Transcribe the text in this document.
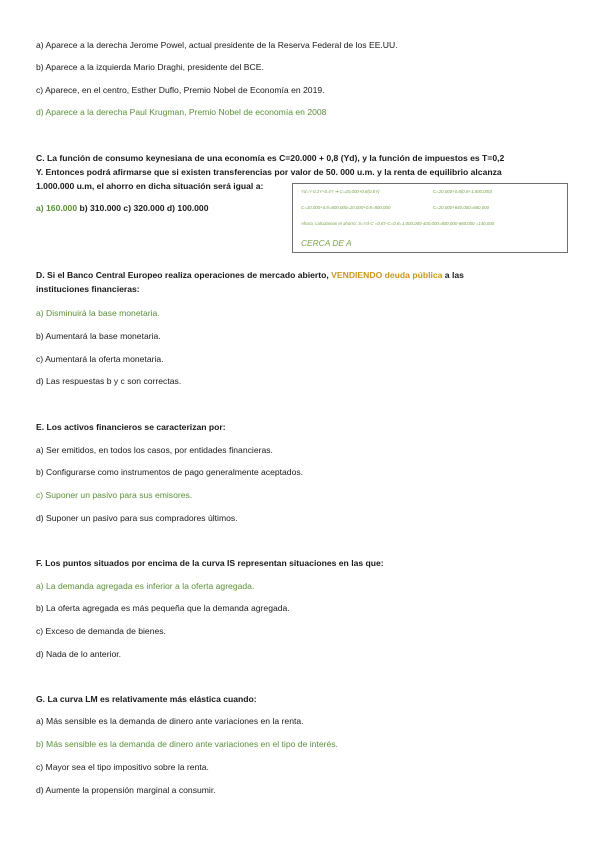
a) Aparece a la derecha Jerome Powel, actual presidente de la Reserva Federal de los EE.UU.
b) Aparece a la izquierda Mario Draghi, presidente del BCE.
c) Aparece, en el centro, Esther Duflo, Premio Nobel de Economía en 2019.
d) Aparece a la derecha Paul Krugman, Premio Nobel de economía en 2008
C. La función de consumo keynesiana de una economía es C=20.000 + 0,8 (Yd), y la función de impuestos es T=0,2
Y. Entonces podrá afirmarse que si existen transferencias por valor de 50. 000 u.m. y la renta de equilibrio alcanza
1.000.000 u.m, el ahorro en dicha situación será igual a:
a) 160.000 b) 310.000 c) 320.000 d) 100.000
Yd=Y-0.2Y+0.4Y ➔ C=20,000+0.8(0.6Y)	C=20,000+0.8(0.8+1,000,000)
C=20,000+0.8=800,000=20,000+0.8=800,000	C=20,000+640,000=660,000
Ahora, calculamos el ahorro: S=Yd-C =0.8Y-C=0.8=1,000,000-400,000=800,000-660,000 =140,000
CERCA DE A
D. Si el Banco Central Europeo realiza operaciones de mercado abierto, VENDIENDO deuda pública a las
instituciones financieras:
a) Disminuirá la base monetaria.
b) Aumentará la base monetaria.
c) Aumentará la oferta monetaria.
d) Las respuestas b y c son correctas.
E. Los activos financieros se caracterizan por:
a) Ser emitidos, en todos los casos, por entidades financieras.
b) Configurarse como instrumentos de pago generalmente aceptados.
c) Suponer un pasivo para sus emisores.
d) Suponer un pasivo para sus compradores últimos.
F. Los puntos situados por encima de la curva IS representan situaciones en las que:
a) La demanda agregada es inferior a la oferta agregada.
b) La oferta agregada es más pequeña que la demanda agregada.
c) Exceso de demanda de bienes.
d) Nada de lo anterior.
G. La curva LM es relativamente más elástica cuando:
a) Más sensible es la demanda de dinero ante variaciones en la renta.
b) Más sensible es la demanda de dinero ante variaciones en el tipo de interés.
c) Mayor sea el tipo impositivo sobre la renta.
d) Aumente la propensión marginal a consumir.
